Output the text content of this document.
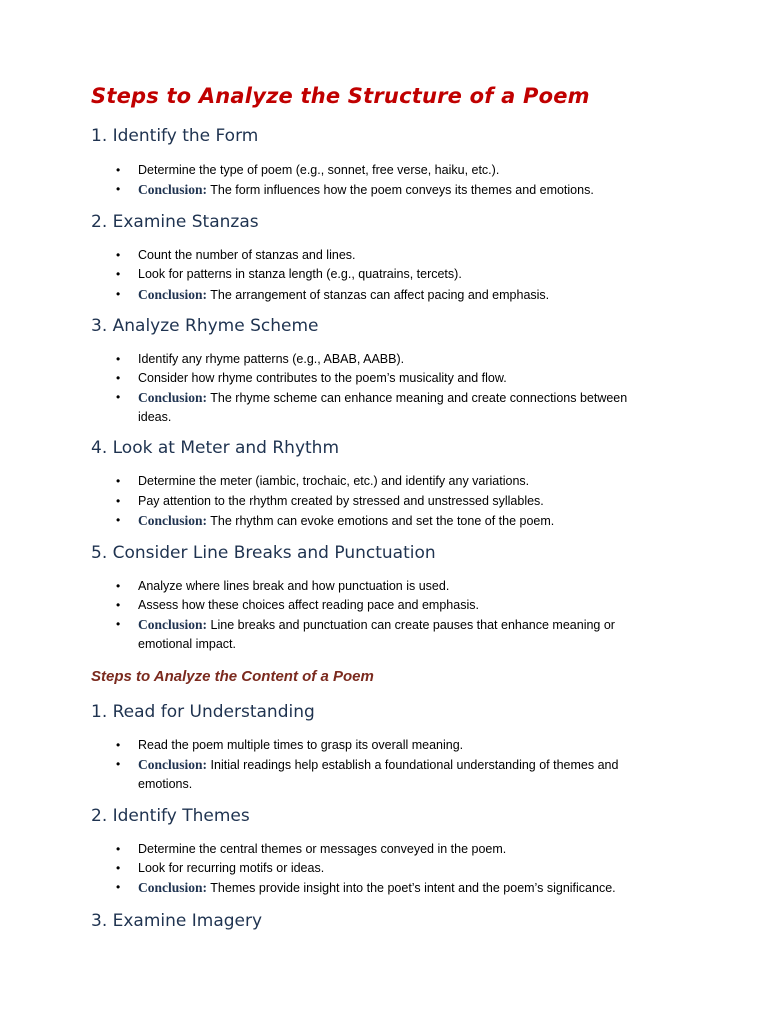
Steps to Analyze the Structure of a Poem
1. Identify the Form
• Determine the type of poem (e.g., sonnet, free verse, haiku, etc.).
• Conclusion: The form influences how the poem conveys its themes and emotions.
2. Examine Stanzas
• Count the number of stanzas and lines.
• Look for patterns in stanza length (e.g., quatrains, tercets).
• Conclusion: The arrangement of stanzas can affect pacing and emphasis.
3. Analyze Rhyme Scheme
• Identify any rhyme patterns (e.g., ABAB, AABB).
• Consider how rhyme contributes to the poem’s musicality and flow.
• Conclusion: The rhyme scheme can enhance meaning and create connections between ideas.
4. Look at Meter and Rhythm
• Determine the meter (iambic, trochaic, etc.) and identify any variations.
• Pay attention to the rhythm created by stressed and unstressed syllables.
• Conclusion: The rhythm can evoke emotions and set the tone of the poem.
5. Consider Line Breaks and Punctuation
• Analyze where lines break and how punctuation is used.
• Assess how these choices affect reading pace and emphasis.
• Conclusion: Line breaks and punctuation can create pauses that enhance meaning or emotional impact.
Steps to Analyze the Content of a Poem
1. Read for Understanding
• Read the poem multiple times to grasp its overall meaning.
• Conclusion: Initial readings help establish a foundational understanding of themes and emotions.
2. Identify Themes
• Determine the central themes or messages conveyed in the poem.
• Look for recurring motifs or ideas.
• Conclusion: Themes provide insight into the poet’s intent and the poem’s significance.
3. Examine Imagery
